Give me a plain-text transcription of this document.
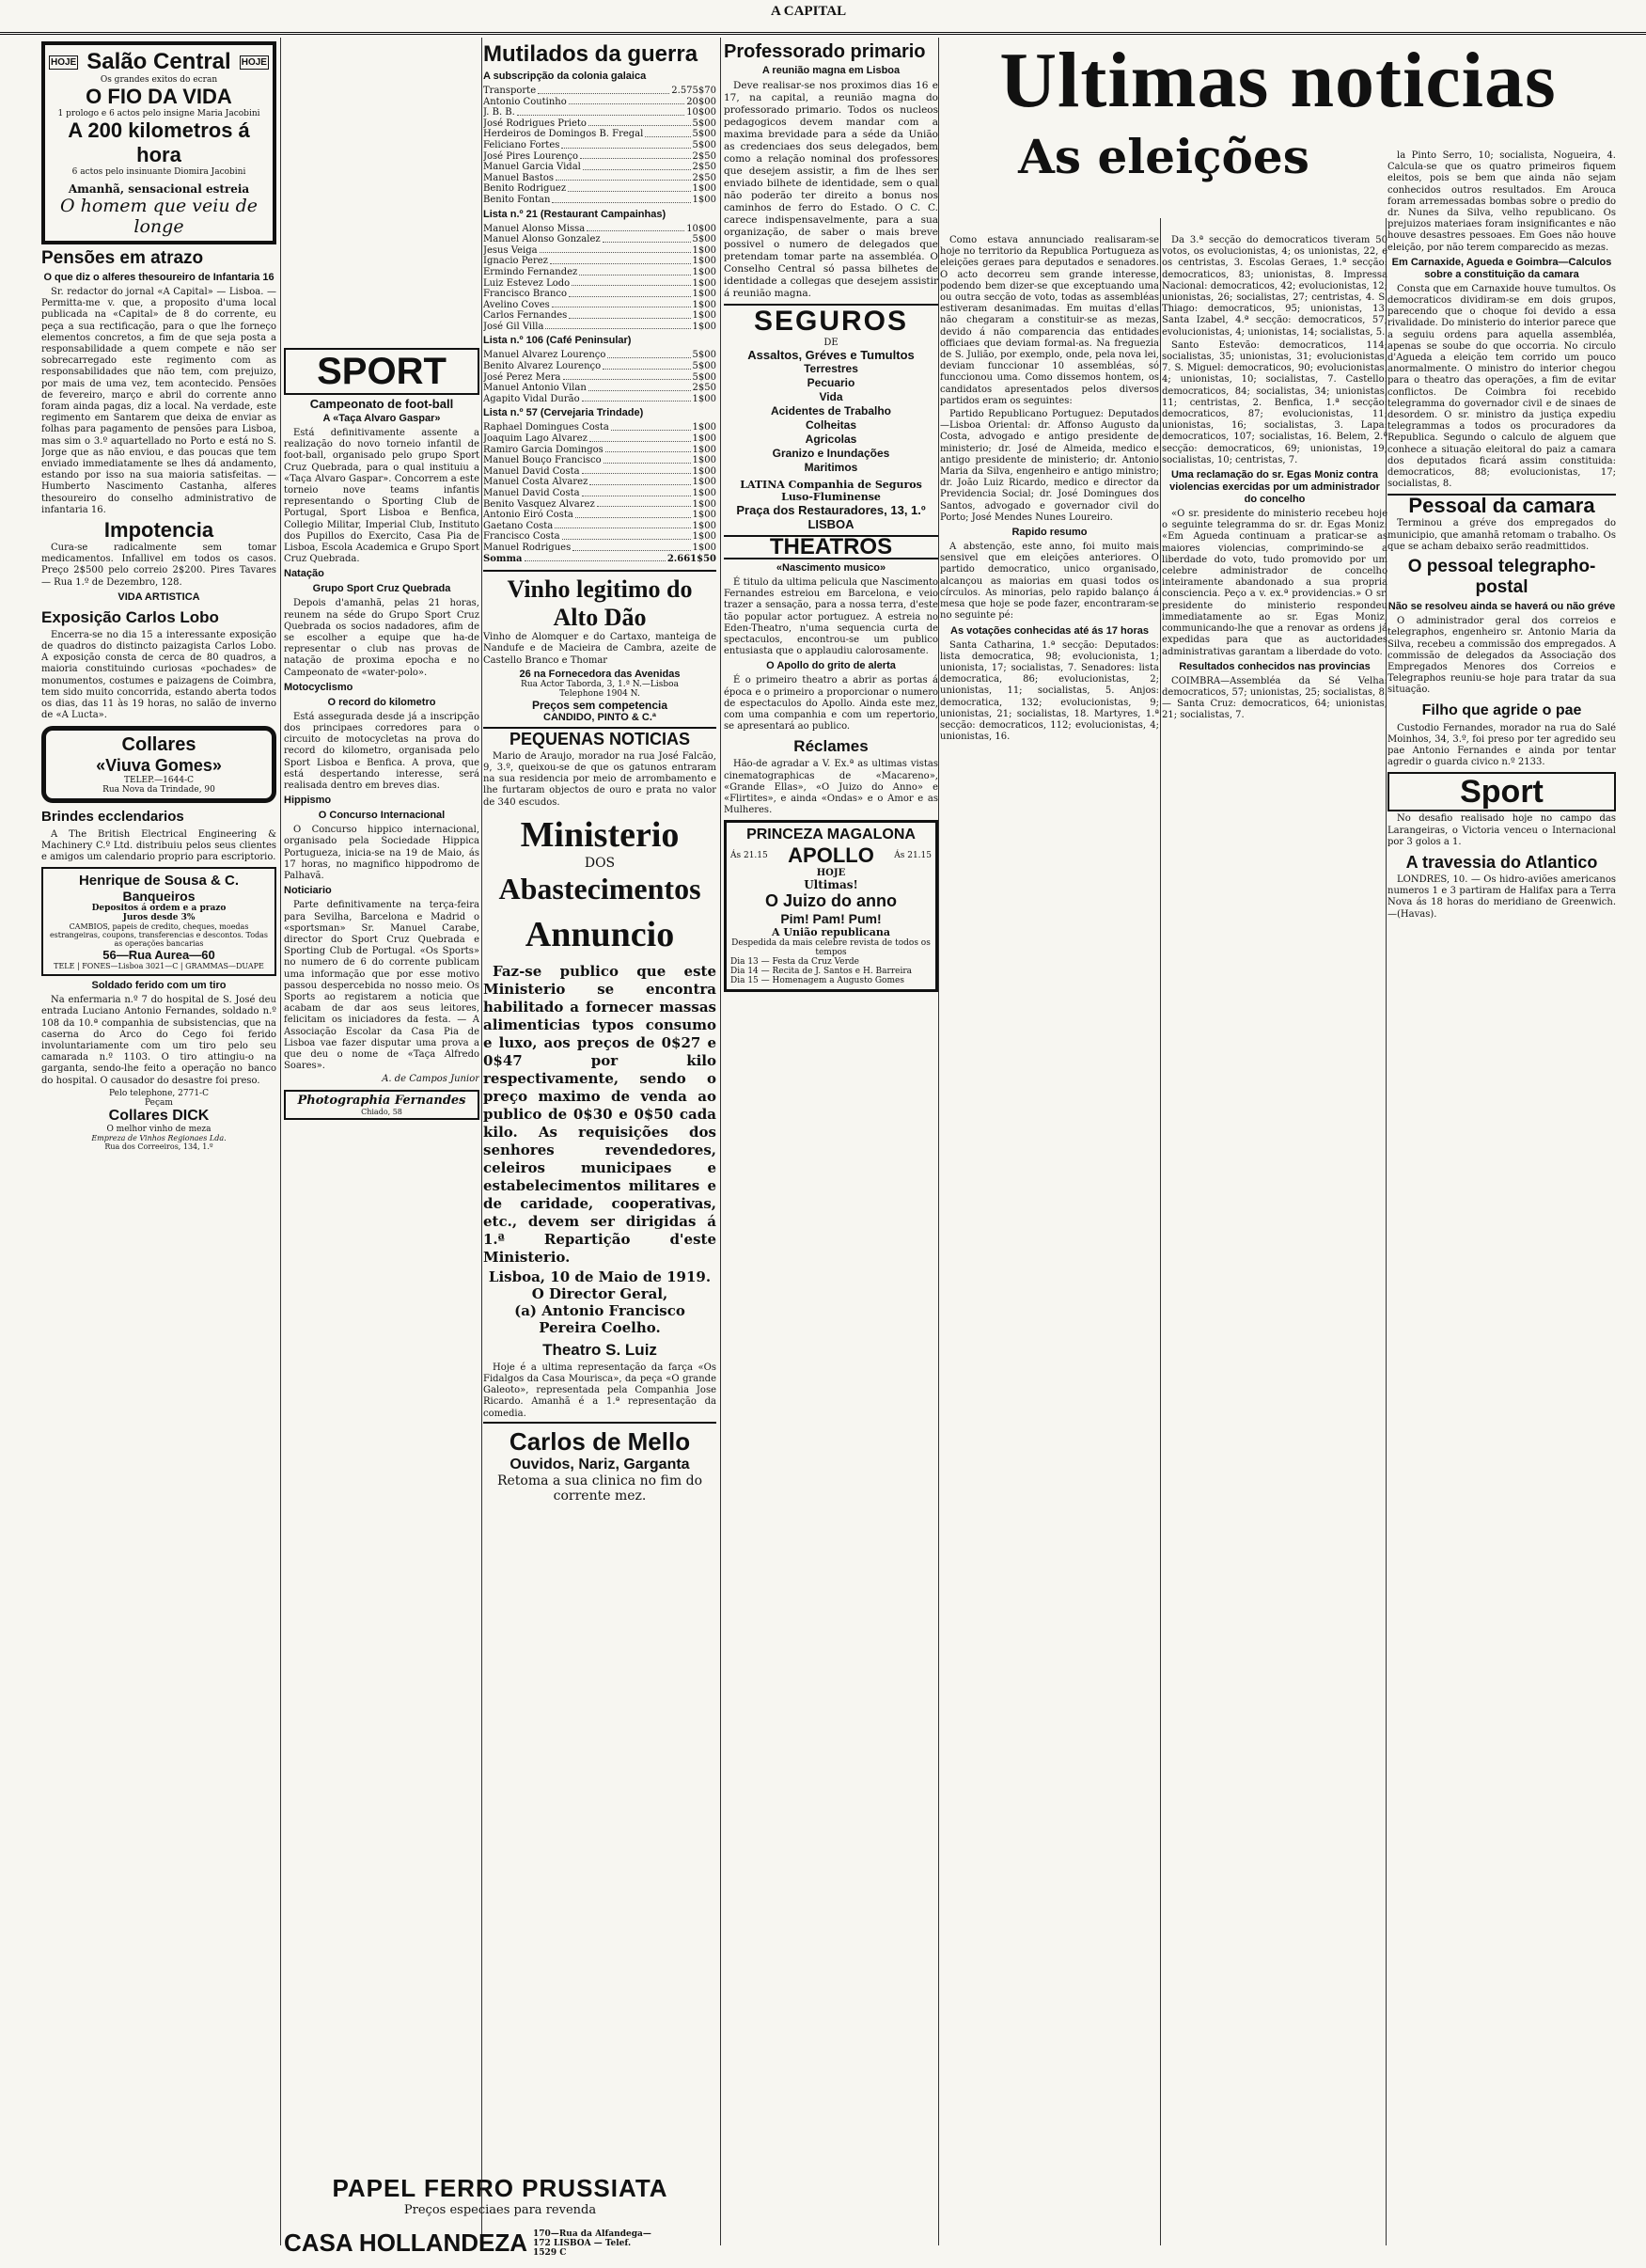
A CAPITAL
HOJE Salão Central HOJE
Os grandes exitos do ecran
O FIO DA VIDA
1 prologo e 6 actos pelo insigne Maria Jacobini
A 200 kilometros á hora
6 actos pelo insinuante Diomira Jacobini
Amanhã, sensacional estreia
O homem que veiu de longe
Pensões em atrazo
O que diz o alferes thesoureiro de Infantaria 16
Sr. redactor do jornal «A Capital» — Lisboa. — Permitta-me v. que, a proposito d'uma local publicada na «Capital» de 8 do corrente, eu peça a sua rectificação, para o que lhe forneço elementos concretos, a fim de que seja posta a responsabilidade a quem compete e não ser sobrecarregado este regimento com as responsabilidades que não tem, com prejuizo, por mais de uma vez, tem acontecido. Pensões de fevereiro, março e abril do corrente anno foram ainda pagas, diz a local. Na verdade, este regimento em Santarem que deixa de enviar as folhas para pagamento de pensões para Lisboa, mas sim o 3.º aquartellado no Porto e está no S. Jorge que as não enviou, e das poucas que tem enviado immediatamente se lhes dá andamento, estando por isso na sua maioria satisfeitas. — Humberto Nascimento Castanha, alferes thesoureiro do conselho administrativo de infantaria 16.
Impotencia
Cura-se radicalmente sem tomar medicamentos. Infallivel em todos os casos. Preço 2$500 pelo correio 2$200. Pires Tavares — Rua 1.º de Dezembro, 128.
VIDA ARTISTICA
Exposição Carlos Lobo
Encerra-se no dia 15 a interessante exposição de quadros do distincto paizagista Carlos Lobo. A exposição consta de cerca de 80 quadros, a maioria constituindo curiosas «pochades» de monumentos, costumes e paizagens de Coimbra, tem sido muito concorrida, estando aberta todos os dias, das 11 às 19 horas, no salão de inverno de «A Lucta».
Collares
«Viuva Gomes»
TELEP.—1644-C
Rua Nova da Trindade, 90
Brindes ecclendarios
A The British Electrical Engineering & Machinery C.º Ltd. distribuiu pelos seus clientes e amigos um calendario proprio para escriptorio.
Henrique de Sousa & C.
Banqueiros
Depositos á ordem e a prazo
Juros desde 3%
CAMBIOS, papeis de credito, cheques, moedas estrangeiras, coupons, transferencias e descontos. Todas as operações bancarias
56—Rua Aurea—60
TELE | FONES—Lisboa 3021—C | GRAMMAS—DUAPE
Soldado ferido com um tiro
Na enfermaria n.º 7 do hospital de S. José deu entrada Luciano Antonio Fernandes, soldado n.º 108 da 10.ª companhia de subsistencias, que na caserna do Arco do Cego foi ferido involuntariamente com um tiro pelo seu camarada n.º 1103. O tiro attingiu-o na garganta, sendo-lhe feito a operação no banco do hospital. O causador do desastre foi preso.
Pelo telephone, 2771-C
Peçam
Collares DICK
O melhor vinho de meza
Empreza de Vinhos Regionaes Lda.
Rua dos Correeiros, 134, 1.º
SPORT
Campeonato de foot-ball
A «Taça Alvaro Gaspar»
Está definitivamente assente a realização do novo torneio infantil de foot-ball, organisado pelo grupo Sport Cruz Quebrada, para o qual instituiu a «Taça Alvaro Gaspar». Concorrem a este torneio nove teams infantis representando o Sporting Club de Portugal, Sport Lisboa e Benfica, Collegio Militar, Imperial Club, Instituto dos Pupillos do Exercito, Casa Pia de Lisboa, Escola Academica e Grupo Sport Cruz Quebrada.
Natação
Grupo Sport Cruz Quebrada
Depois d'amanhã, pelas 21 horas, reunem na séde do Grupo Sport Cruz Quebrada os socios nadadores, afim de se escolher a equipe que ha-de representar o club nas provas de natação de proxima epocha e no Campeonato de «water-polo».
Motocyclismo
O record do kilometro
Está assegurada desde já a inscripção dos principaes corredores para o circuito de motocycletas na prova do record do kilometro, organisada pelo Sport Lisboa e Benfica. A prova, que está despertando interesse, será realisada dentro em breves dias.
Hippismo
O Concurso Internacional
O Concurso hippico internacional, organisado pela Sociedade Hippica Portugueza, inicia-se na 19 de Maio, ás 17 horas, no magnifico hippodromo de Palhavã.
Noticiario
Parte definitivamente na terça-feira para Sevilha, Barcelona e Madrid o «sportsman» Sr. Manuel Carabe, director do Sport Cruz Quebrada e Sporting Club de Portugal. «Os Sports» no numero de 6 do corrente publicam uma informação que por esse motivo passou despercebida no nosso meio. Os Sports ao registarem a noticia que acabam de dar aos seus leitores, felicitam os iniciadores da festa. — A Associação Escolar da Casa Pia de Lisboa vae fazer disputar uma prova a que deu o nome de «Taça Alfredo Soares».
A. de Campos Junior
Photographia Fernandes
Chiado, 58
PAPEL FERRO PRUSSIATA
Preços especiaes para revenda
CASA HOLLANDEZA 170—Rua da Alfandega—172 LISBOA — Telef. 1529 C
Mutilados da guerra
A subscripção da colonia galaica
Transporte	2.575$70
Antonio Coutinho	20$00
J. B. B.	10$00
José Rodrigues Prieto	5$00
Herdeiros de Domingos B. Fregal	5$00
Feliciano Fortes	5$00
José Pires Lourenço	2$50
Manuel Garcia Vidal	2$50
Manuel Bastos	2$50
Benito Rodriguez	1$00
Benito Fontan	1$00
Lista n.º 21 (Restaurant Campainhas)
Manuel Alonso Missa	10$00
Manuel Alonso Gonzalez	5$00
Jesus Veiga	1$00
Ignacio Perez	1$00
Ermindo Fernandez	1$00
Luiz Estevez Lodo	1$00
Francisco Branco	1$00
Avelino Coves	1$00
Carlos Fernandes	1$00
José Gil Villa	1$00
Lista n.º 106 (Café Peninsular)
Manuel Alvarez Lourenço	5$00
Benito Alvarez Lourenço	5$00
José Perez Mera	5$00
Manuel Antonio Vilan	2$50
Agapito Vidal Durão	1$00
Lista n.º 57 (Cervejaria Trindade)
Raphael Domingues Costa	1$00
Joaquim Lago Alvarez	1$00
Ramiro Garcia Domingos	1$00
Manuel Bouço Francisco	1$00
Manuel David Costa	1$00
Manuel Costa Alvarez	1$00
Manuel David Costa	1$00
Benito Vasquez Alvarez	1$00
Antonio Eiró Costa	1$00
Gaetano Costa	1$00
Francisco Costa	1$00
Manuel Rodrigues	1$00
Somma	2.661$50
Vinho legitimo do Alto Dão
Vinho de Alomquer e do Cartaxo, manteiga de Nandufe e de Macieira de Cambra, azeite de Castello Branco e Thomar
26 na Fornecedora das Avenidas
Rua Actor Taborda, 3, 1.ª N.—Lisboa
Telephone 1904 N.
Preços sem competencia
CANDIDO, PINTO & C.ª
PEQUENAS NOTICIAS
Mario de Araujo, morador na rua José Falcão, 9, 3.º, queixou-se de que os gatunos entraram na sua residencia por meio de arrombamento e lhe furtaram objectos de ouro e prata no valor de 340 escudos.
Ministerio
DOS
Abastecimentos
Annuncio
Faz-se publico que este Ministerio se encontra habilitado a fornecer massas alimenticias typos consumo e luxo, aos preços de 0$27 e 0$47 por kilo respectivamente, sendo o preço maximo de venda ao publico de 0$30 e 0$50 cada kilo. As requisições dos senhores revendedores, celeiros municipaes e estabelecimentos militares e de caridade, cooperativas, etc., devem ser dirigidas á 1.ª Repartição d'este Ministerio.
Lisboa, 10 de Maio de 1919.
O Director Geral,
(a) Antonio Francisco Pereira Coelho.
Theatro S. Luiz
Hoje é a ultima representação da farça «Os Fidalgos da Casa Mourisca», da peça «O grande Galeoto», representada pela Companhia Jose Ricardo. Amanhã é a 1.ª representação da comedia.
Carlos de Mello
Ouvidos, Nariz, Garganta
Retoma a sua clinica no fim do corrente mez.
Professorado primario
A reunião magna em Lisboa
Deve realisar-se nos proximos dias 16 e 17, na capital, a reunião magna do professorado primario. Todos os nucleos pedagogicos devem mandar com a maxima brevidade para a séde da União as credenciaes dos seus delegados, bem como a relação nominal dos professores que desejem assistir, a fim de lhes ser enviado bilhete de identidade, sem o qual não poderão ter direito a bonus nos caminhos de ferro do Estado. O C. C. carece indispensavelmente, para a sua organização, de saber o mais breve possivel o numero de delegados que pretendam tomar parte na assembléa. O Conselho Central só passa bilhetes de identidade a collegas que desejem assistir á reunião magna.
SEGUROS
DE
Assaltos, Gréves e Tumultos
Terrestres
Pecuario
Vida
Acidentes de Trabalho
Colheitas
Agricolas
Granizo e Inundações
Maritimos
LATINA Companhia de Seguros Luso-Fluminense
Praça dos Restauradores, 13, 1.º
LISBOA
THEATROS
«Nascimento musico»
É titulo da ultima pelicula que Nascimento Fernandes estreiou em Barcelona, e veio trazer a sensação, para a nossa terra, d'este tão popular actor portuguez. A estreia no Eden-Theatro, n'uma sequencia curta de spectaculos, encontrou-se um publico entusiasta que o applaudiu calorosamente.
O Apollo do grito de alerta
É o primeiro theatro a abrir as portas á época e o primeiro a proporcionar o numero de espectaculos do Apollo. Ainda este mez, com uma companhia e com um repertorio, se apresentará ao publico.
Réclames
Hão-de agradar a V. Ex.ª as ultimas vistas cinematographicas de «Macareno», «Grande Ellas», «O Juizo do Anno» e «Flirtites», e ainda «Ondas» e o Amor e as Mulheres.
PRINCEZA MAGALONA
Ás 21.15 APOLLO Ás 21.15
HOJE
Ultimas!
O Juizo do anno
Pim! Pam! Pum!
A União republicana
Despedida da mais celebre revista de todos os tempos
Dia 13 — Festa da Cruz Verde
Dia 14 — Recita de J. Santos e H. Barreira
Dia 15 — Homenagem a Augusto Gomes
Ultimas noticias
As eleições
Como estava annunciado realisaram-se hoje no territorio da Republica Portugueza as eleições geraes para deputados e senadores. O acto decorreu sem grande interesse, podendo bem dizer-se que exceptuando uma ou outra secção de voto, todas as assembléas estiveram desanimadas. Em muitas d'ellas não chegaram a constituir-se as mezas, devido á não comparencia das entidades officiaes que deviam formal-as. Na freguezia de S. Julião, por exemplo, onde, pela nova lei, deviam funccionar 10 assembléas, só funccionou uma. Como dissemos hontem, os candidatos apresentados pelos diversos partidos eram os seguintes:
Partido Republicano Portuguez: Deputados—Lisboa Oriental: dr. Affonso Augusto da Costa, advogado e antigo presidente de ministerio; dr. José de Almeida, medico e antigo presidente de ministerio; dr. Antonio Maria da Silva, engenheiro e antigo ministro; dr. João Luiz Ricardo, medico e director da Previdencia Social; dr. José Domingues dos Santos, advogado e governador civil do Porto; José Mendes Nunes Loureiro.
Rapido resumo
A abstenção, este anno, foi muito mais sensivel que em eleições anteriores. O partido democratico, unico organisado, alcançou as maiorias em quasi todos os círculos. As minorias, pelo rapido balanço á mesa que hoje se pode fazer, encontraram-se no seguinte pé:
As votações conhecidas até ás 17 horas
Santa Catharina, 1.ª secção: Deputados: lista democratica, 98; evolucionista, 1; unionista, 17; socialistas, 7. Senadores: lista democratica, 86; evolucionistas, 2; unionistas, 11; socialistas, 5. Anjos: democratica, 132; evolucionistas, 9; unionistas, 21; socialistas, 18. Martyres, 1.ª secção: democraticos, 112; evolucionistas, 4; unionistas, 16.
Da 3.ª secção do democraticos tiveram 50 votos, os evolucionistas, 4; os unionistas, 22, e os centristas, 3. Escolas Geraes, 1.ª secção: democraticos, 83; unionistas, 8. Impressa Nacional: democraticos, 42; evolucionistas, 12; unionistas, 26; socialistas, 27; centristas, 4. S. Thiago: democraticos, 95; unionistas, 13. Santa Izabel, 4.ª secção: democraticos, 57; evolucionistas, 4; unionistas, 14; socialistas, 5.
Santo Estevão: democraticos, 114; socialistas, 35; unionistas, 31; evolucionistas, 7. S. Miguel: democraticos, 90; evolucionistas, 4; unionistas, 10; socialistas, 7. Castello: democraticos, 84; socialistas, 34; unionistas, 11; centristas, 2. Benfica, 1.ª secção: democraticos, 87; evolucionistas, 11; unionistas, 16; socialistas, 3. Lapa: democraticos, 107; socialistas, 16. Belem, 2.ª secção: democraticos, 69; unionistas, 19; socialistas, 10; centristas, 7.
Uma reclamação do sr. Egas Moniz contra violencias exercidas por um administrador do concelho
«O sr. presidente do ministerio recebeu hoje o seguinte telegramma do sr. dr. Egas Moniz: «Em Agueda continuam a praticar-se as maiores violencias, comprimindo-se a liberdade do voto, tudo promovido por um celebre administrador de concelho inteiramente abandonado a sua propria consciencia. Peço a v. ex.ª providencias.» O sr. presidente do ministerio respondeu immediatamente ao sr. Egas Moniz, communicando-lhe que a renovar as ordens já expedidas para que as auctoridades administrativas garantam a liberdade do voto.
Resultados conhecidos nas provincias
COIMBRA—Assembléa da Sé Velha: democraticos, 57; unionistas, 25; socialistas, 8. — Santa Cruz: democraticos, 64; unionistas, 21; socialistas, 7.
la Pinto Serro, 10; socialista, Nogueira, 4. Calcula-se que os quatro primeiros fiquem eleitos, pois se bem que ainda não sejam conhecidos outros resultados. Em Arouca foram arremessadas bombas sobre o predio do dr. Nunes da Silva, velho republicano. Os prejuizos materiaes foram insignificantes e não houve desastres pessoaes. Em Goes não houve eleição, por não terem comparecido as mezas.
Em Carnaxide, Agueda e Goimbra—Calculos sobre a constituição da camara
Consta que em Carnaxide houve tumultos. Os democraticos dividiram-se em dois grupos, parecendo que o choque foi devido a essa rivalidade. Do ministerio do interior parece que a seguiu ordens para aquella assembléa, apenas se soube do que occorria. No circulo d'Agueda a eleição tem corrido um pouco anormalmente. O ministro do interior chegou para o theatro das operações, a fim de evitar conflictos. De Coimbra foi recebido telegramma do governador civil e de sinaes de desordem. O sr. ministro da justiça expediu telegrammas a todos os procuradores da Republica. Segundo o calculo de alguem que conhece a situação eleitoral do paiz a camara dos deputados ficará assim constituida: democraticos, 88; evolucionistas, 17; socialistas, 8.
Pessoal da camara
Terminou a gréve dos empregados do municipio, que amanhã retomam o trabalho. Os que se acham debaixo serão readmittidos.
O pessoal telegrapho-postal
Não se resolveu ainda se haverá ou não gréve
O administrador geral dos correios e telegraphos, engenheiro sr. Antonio Maria da Silva, recebeu a commissão dos empregados. A commissão de delegados da Associação dos Empregados Menores dos Correios e Telegraphos reuniu-se hoje para tratar da sua situação.
Filho que agride o pae
Custodio Fernandes, morador na rua do Salé Moinhos, 34, 3.º, foi preso por ter agredido seu pae Antonio Fernandes e ainda por tentar agredir o guarda civico n.º 2133.
Sport
No desafio realisado hoje no campo das Larangeiras, o Victoria venceu o Internacional por 3 golos a 1.
A travessia do Atlantico
LONDRES, 10. — Os hidro-aviões americanos numeros 1 e 3 partiram de Halifax para a Terra Nova ás 18 horas do meridiano de Greenwich.—(Havas).
